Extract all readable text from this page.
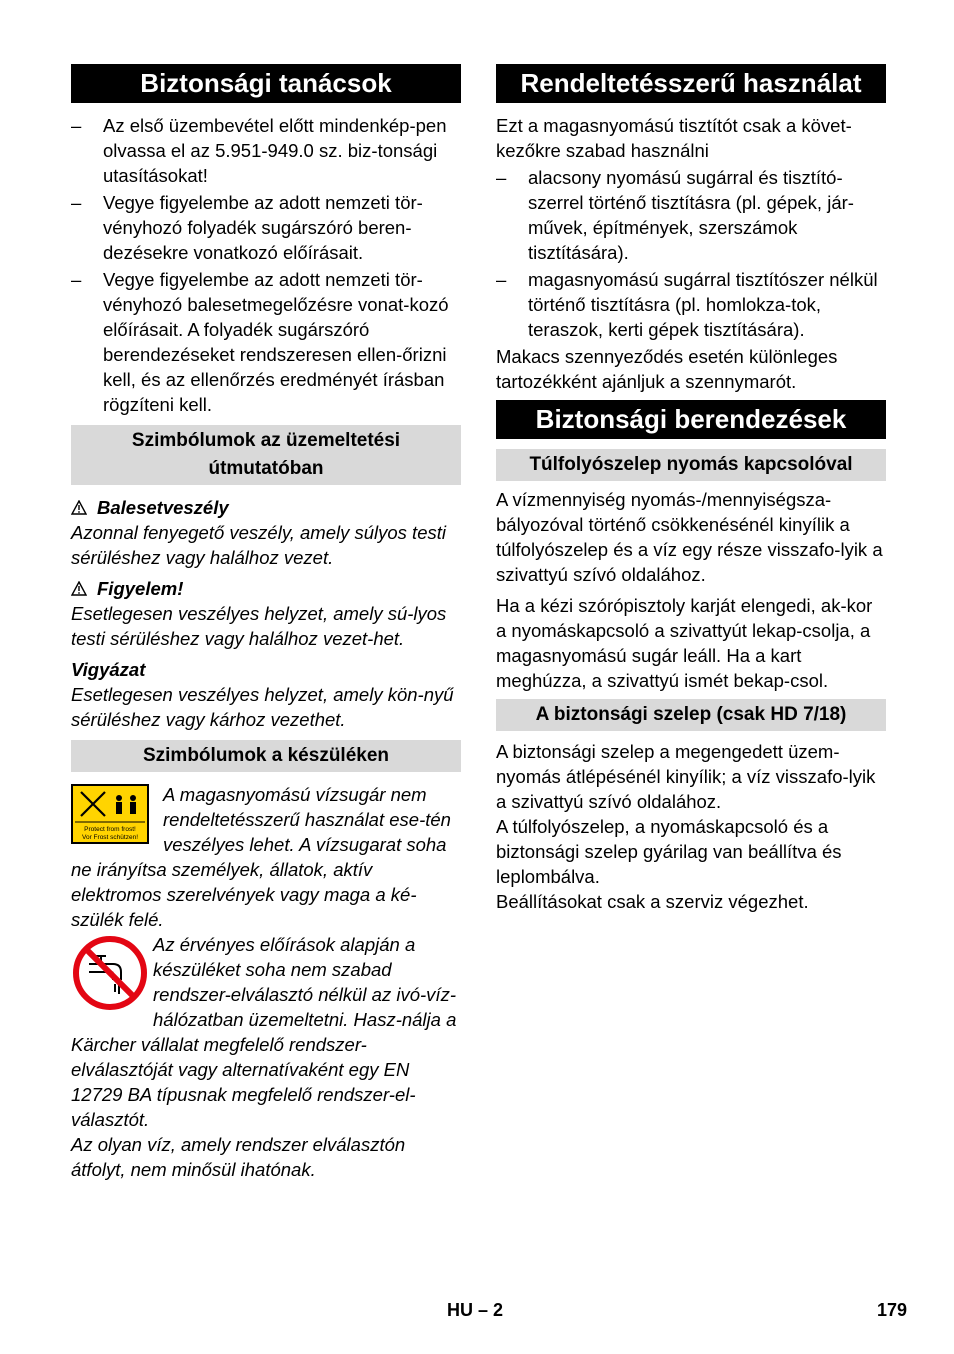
Biztonsági tanácsok
– Az első üzembevétel előtt mindenkép-pen olvassa el az 5.951-949.0 sz. biz-tonsági utasításokat!
– Vegye figyelembe az adott nemzeti tör-vényhozó folyadék sugárszóró beren-dezésekre vonatkozó előírásait.
– Vegye figyelembe az adott nemzeti tör-vényhozó balesetmegelőzésre vonat-kozó előírásait. A folyadék sugárszóró berendezéseket rendszeresen ellen-őrizni kell, és az ellenőrzés eredményét írásban rögzíteni kell.
Szimbólumok az üzemeltetési útmutatóban
Balesetveszély

Azonnal fenyegető veszély, amely súlyos testi sérüléshez vagy halálhoz vezet.

Figyelem!

Esetlegesen veszélyes helyzet, amely sú-lyos testi sérüléshez vagy halálhoz vezet-het.

Vigyázat

Esetlegesen veszélyes helyzet, amely kön-nyű sérüléshez vagy kárhoz vezethet.

Szimbólumok a készüléken
Protect from frost!
Vor Frost schützen!

A magasnyomású vízsugár nem rendeltetésszerű használat ese-tén veszélyes lehet. A vízsugarat soha ne irányítsa személyek, állatok, aktív elektromos szerelvények vagy maga a ké-szülék felé.

Az érvényes előírások alapján a készüléket soha nem szabad rendszer-elválasztó nélkül az ivó-víz-hálózatban üzemeltetni. Hasz-nálja a Kärcher vállalat megfelelő rendszer-elválasztóját vagy alternatívaként egy EN 12729 BA típusnak megfelelő rendszer-el-választót.

Az olyan víz, amely rendszer elválasztón átfolyt, nem minősül ihatónak.

Rendeltetésszerű használat

Ezt a magasnyomású tisztítót csak a követ-kezőkre szabad használni

– alacsony nyomású sugárral és tisztító-szerrel történő tisztításra (pl. gépek, jár-művek, építmények, szerszámok tisztítására).
– magasnyomású sugárral tisztítószer nélkül történő tisztításra (pl. homlokza-tok, teraszok, kerti gépek tisztítására).

Makacs szennyeződés esetén különleges tartozékként ajánljuk a szennymarót.

Biztonsági berendezések
Túlfolyószelep nyomás kapcsolóval

A vízmennyiség nyomás-/mennyiségsza-bályozóval történő csökkenésénél kinyílik a túlfolyószelep és a víz egy része visszafo-lyik a szivattyú szívó oldalához.

Ha a kézi szórópisztoly karját elengedi, ak-kor a nyomáskapcsoló a szivattyút lekap-csolja, a magasnyomású sugár leáll. Ha a kart meghúzza, a szivattyú ismét bekap-csol.

A biztonsági szelep (csak HD 7/18)

A biztonsági szelep a megengedett üzem-nyomás átlépésénél kinyílik; a víz visszafo-lyik a szivattyú szívó oldalához.

A túlfolyószelep, a nyomáskapcsoló és a biztonsági szelep gyárilag van beállítva és leplombálva.

Beállításokat csak a szerviz végezhet.

HU – 2	179
